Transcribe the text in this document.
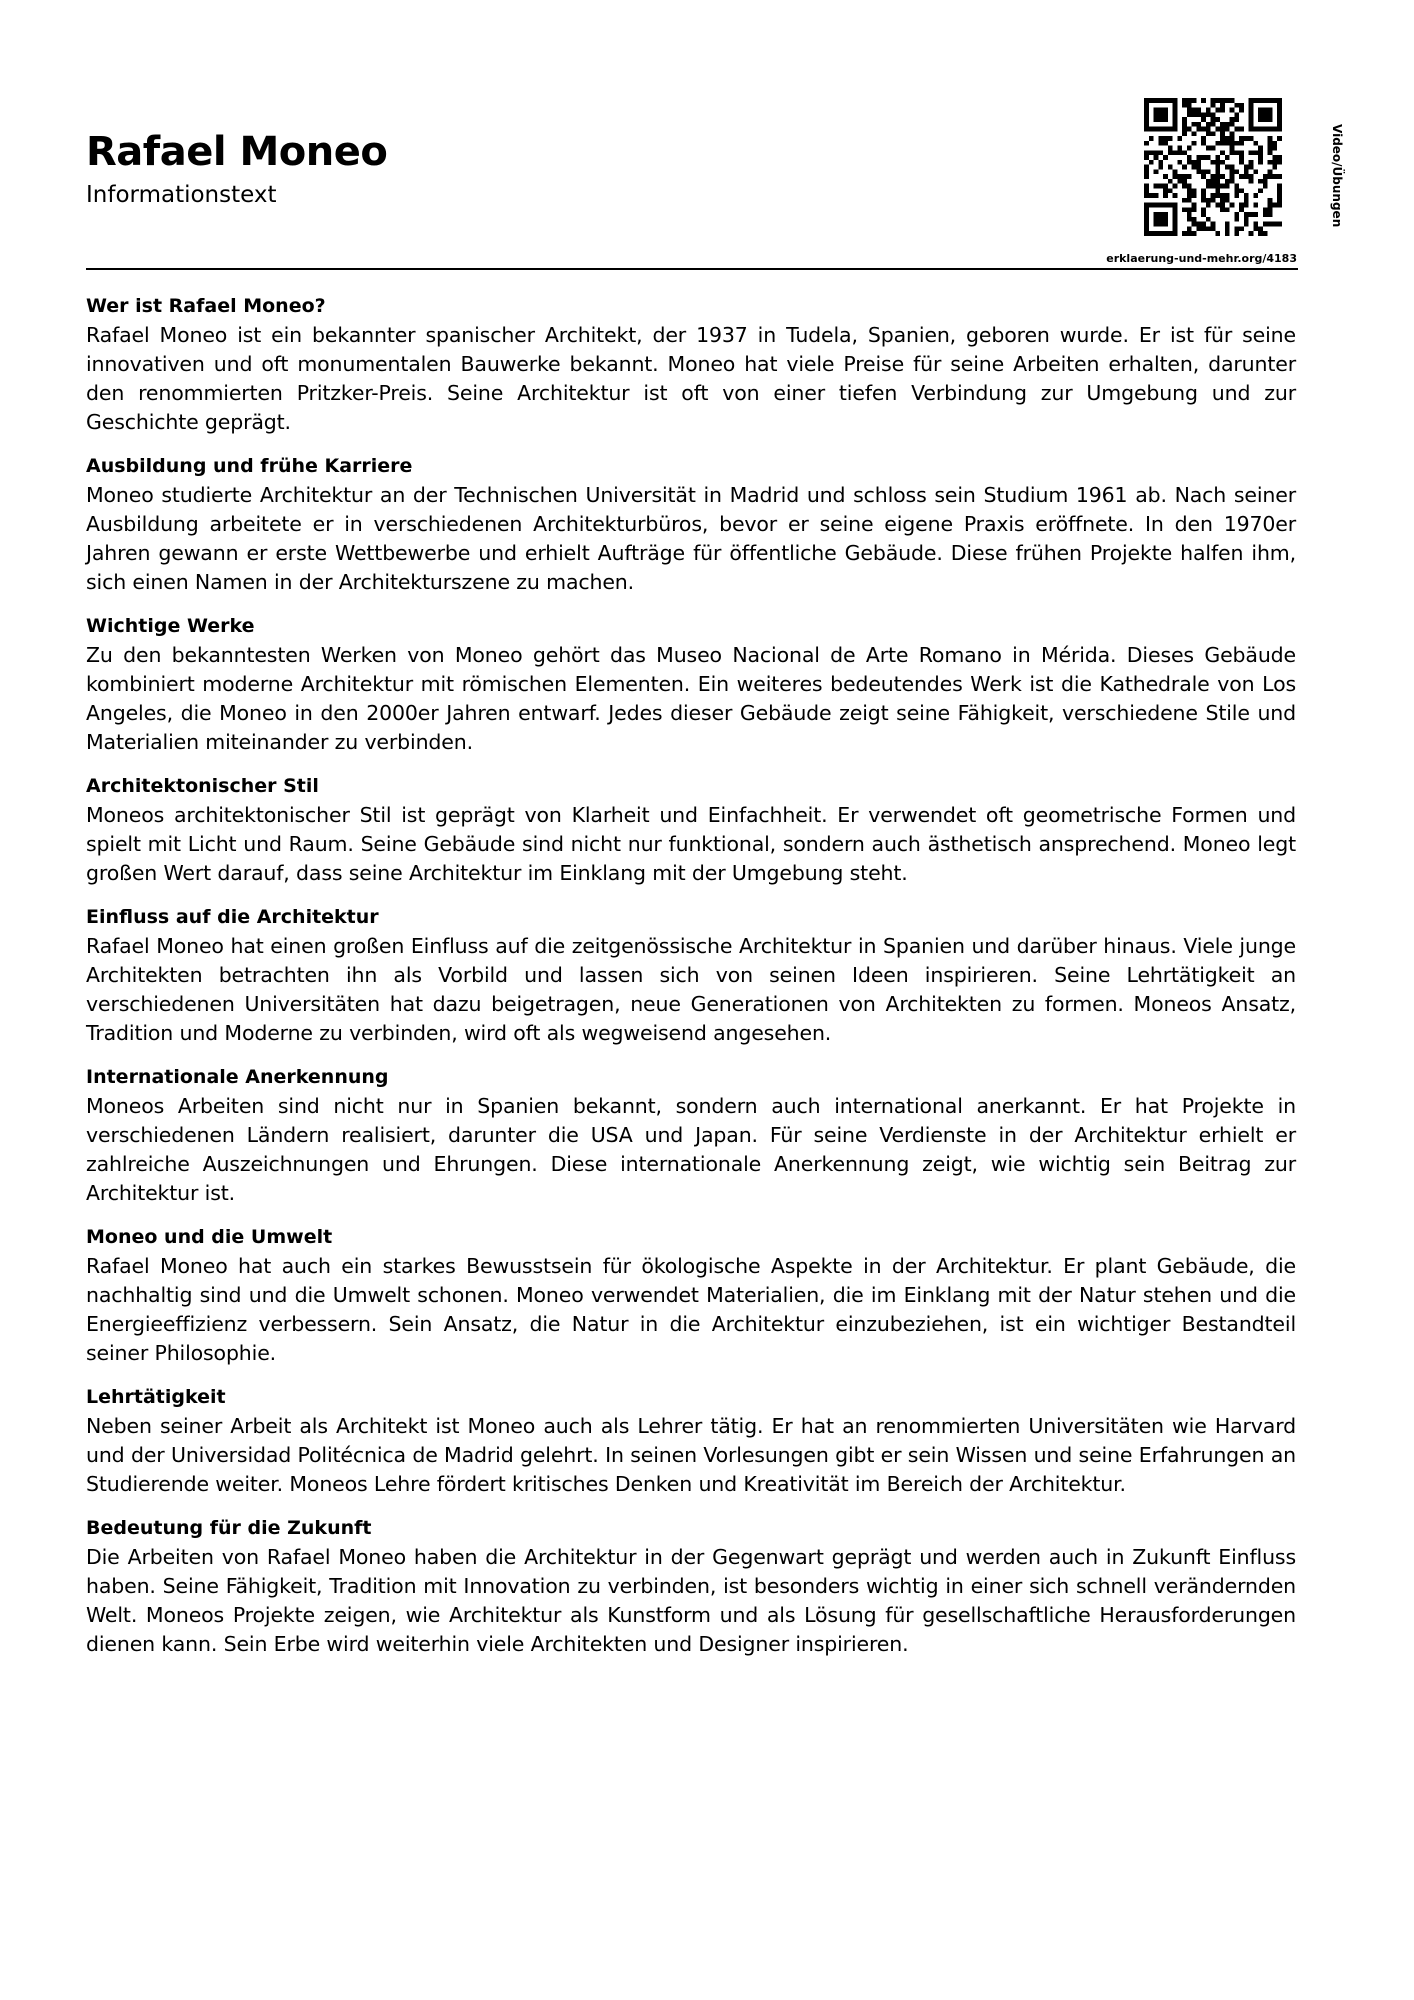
Rafael Moneo
Informationstext	Video/Übungen
erklaerung-und-mehr.org/4183
Wer ist Rafael Moneo?

Rafael Moneo ist ein bekannter spanischer Architekt, der 1937 in Tudela, Spanien, geboren wurde. Er ist für seine innovativen und oft monumentalen Bauwerke bekannt. Moneo hat viele Preise für seine Arbeiten erhalten, darunter den renommierten Pritzker-Preis. Seine Architektur ist oft von einer tiefen Verbindung zur Umgebung und zur Geschichte geprägt.

Ausbildung und frühe Karriere

Moneo studierte Architektur an der Technischen Universität in Madrid und schloss sein Studium 1961 ab. Nach seiner Ausbildung arbeitete er in verschiedenen Architekturbüros, bevor er seine eigene Praxis eröffnete. In den 1970er Jahren gewann er erste Wettbewerbe und erhielt Aufträge für öffentliche Gebäude. Diese frühen Projekte halfen ihm, sich einen Namen in der Architekturszene zu machen.

Wichtige Werke

Zu den bekanntesten Werken von Moneo gehört das Museo Nacional de Arte Romano in Mérida. Dieses Gebäude kombiniert moderne Architektur mit römischen Elementen. Ein weiteres bedeutendes Werk ist die Kathedrale von Los Angeles, die Moneo in den 2000er Jahren entwarf. Jedes dieser Gebäude zeigt seine Fähigkeit, verschiedene Stile und Materialien miteinander zu verbinden.

Architektonischer Stil

Moneos architektonischer Stil ist geprägt von Klarheit und Einfachheit. Er verwendet oft geometrische Formen und spielt mit Licht und Raum. Seine Gebäude sind nicht nur funktional, sondern auch ästhetisch ansprechend. Moneo legt großen Wert darauf, dass seine Architektur im Einklang mit der Umgebung steht.

Einfluss auf die Architektur

Rafael Moneo hat einen großen Einfluss auf die zeitgenössische Architektur in Spanien und darüber hinaus. Viele junge Architekten betrachten ihn als Vorbild und lassen sich von seinen Ideen inspirieren. Seine Lehrtätigkeit an verschiedenen Universitäten hat dazu beigetragen, neue Generationen von Architekten zu formen. Moneos Ansatz, Tradition und Moderne zu verbinden, wird oft als wegweisend angesehen.

Internationale Anerkennung

Moneos Arbeiten sind nicht nur in Spanien bekannt, sondern auch international anerkannt. Er hat Projekte in verschiedenen Ländern realisiert, darunter die USA und Japan. Für seine Verdienste in der Architektur erhielt er zahlreiche Auszeichnungen und Ehrungen. Diese internationale Anerkennung zeigt, wie wichtig sein Beitrag zur Architektur ist.

Moneo und die Umwelt

Rafael Moneo hat auch ein starkes Bewusstsein für ökologische Aspekte in der Architektur. Er plant Gebäude, die nachhaltig sind und die Umwelt schonen. Moneo verwendet Materialien, die im Einklang mit der Natur stehen und die Energieeffizienz verbessern. Sein Ansatz, die Natur in die Architektur einzubeziehen, ist ein wichtiger Bestandteil seiner Philosophie.

Lehrtätigkeit

Neben seiner Arbeit als Architekt ist Moneo auch als Lehrer tätig. Er hat an renommierten Universitäten wie Harvard und der Universidad Politécnica de Madrid gelehrt. In seinen Vorlesungen gibt er sein Wissen und seine Erfahrungen an Studierende weiter. Moneos Lehre fördert kritisches Denken und Kreativität im Bereich der Architektur.

Bedeutung für die Zukunft

Die Arbeiten von Rafael Moneo haben die Architektur in der Gegenwart geprägt und werden auch in Zukunft Einfluss haben. Seine Fähigkeit, Tradition mit Innovation zu verbinden, ist besonders wichtig in einer sich schnell verändernden Welt. Moneos Projekte zeigen, wie Architektur als Kunstform und als Lösung für gesellschaftliche Herausforderungen dienen kann. Sein Erbe wird weiterhin viele Architekten und Designer inspirieren.
